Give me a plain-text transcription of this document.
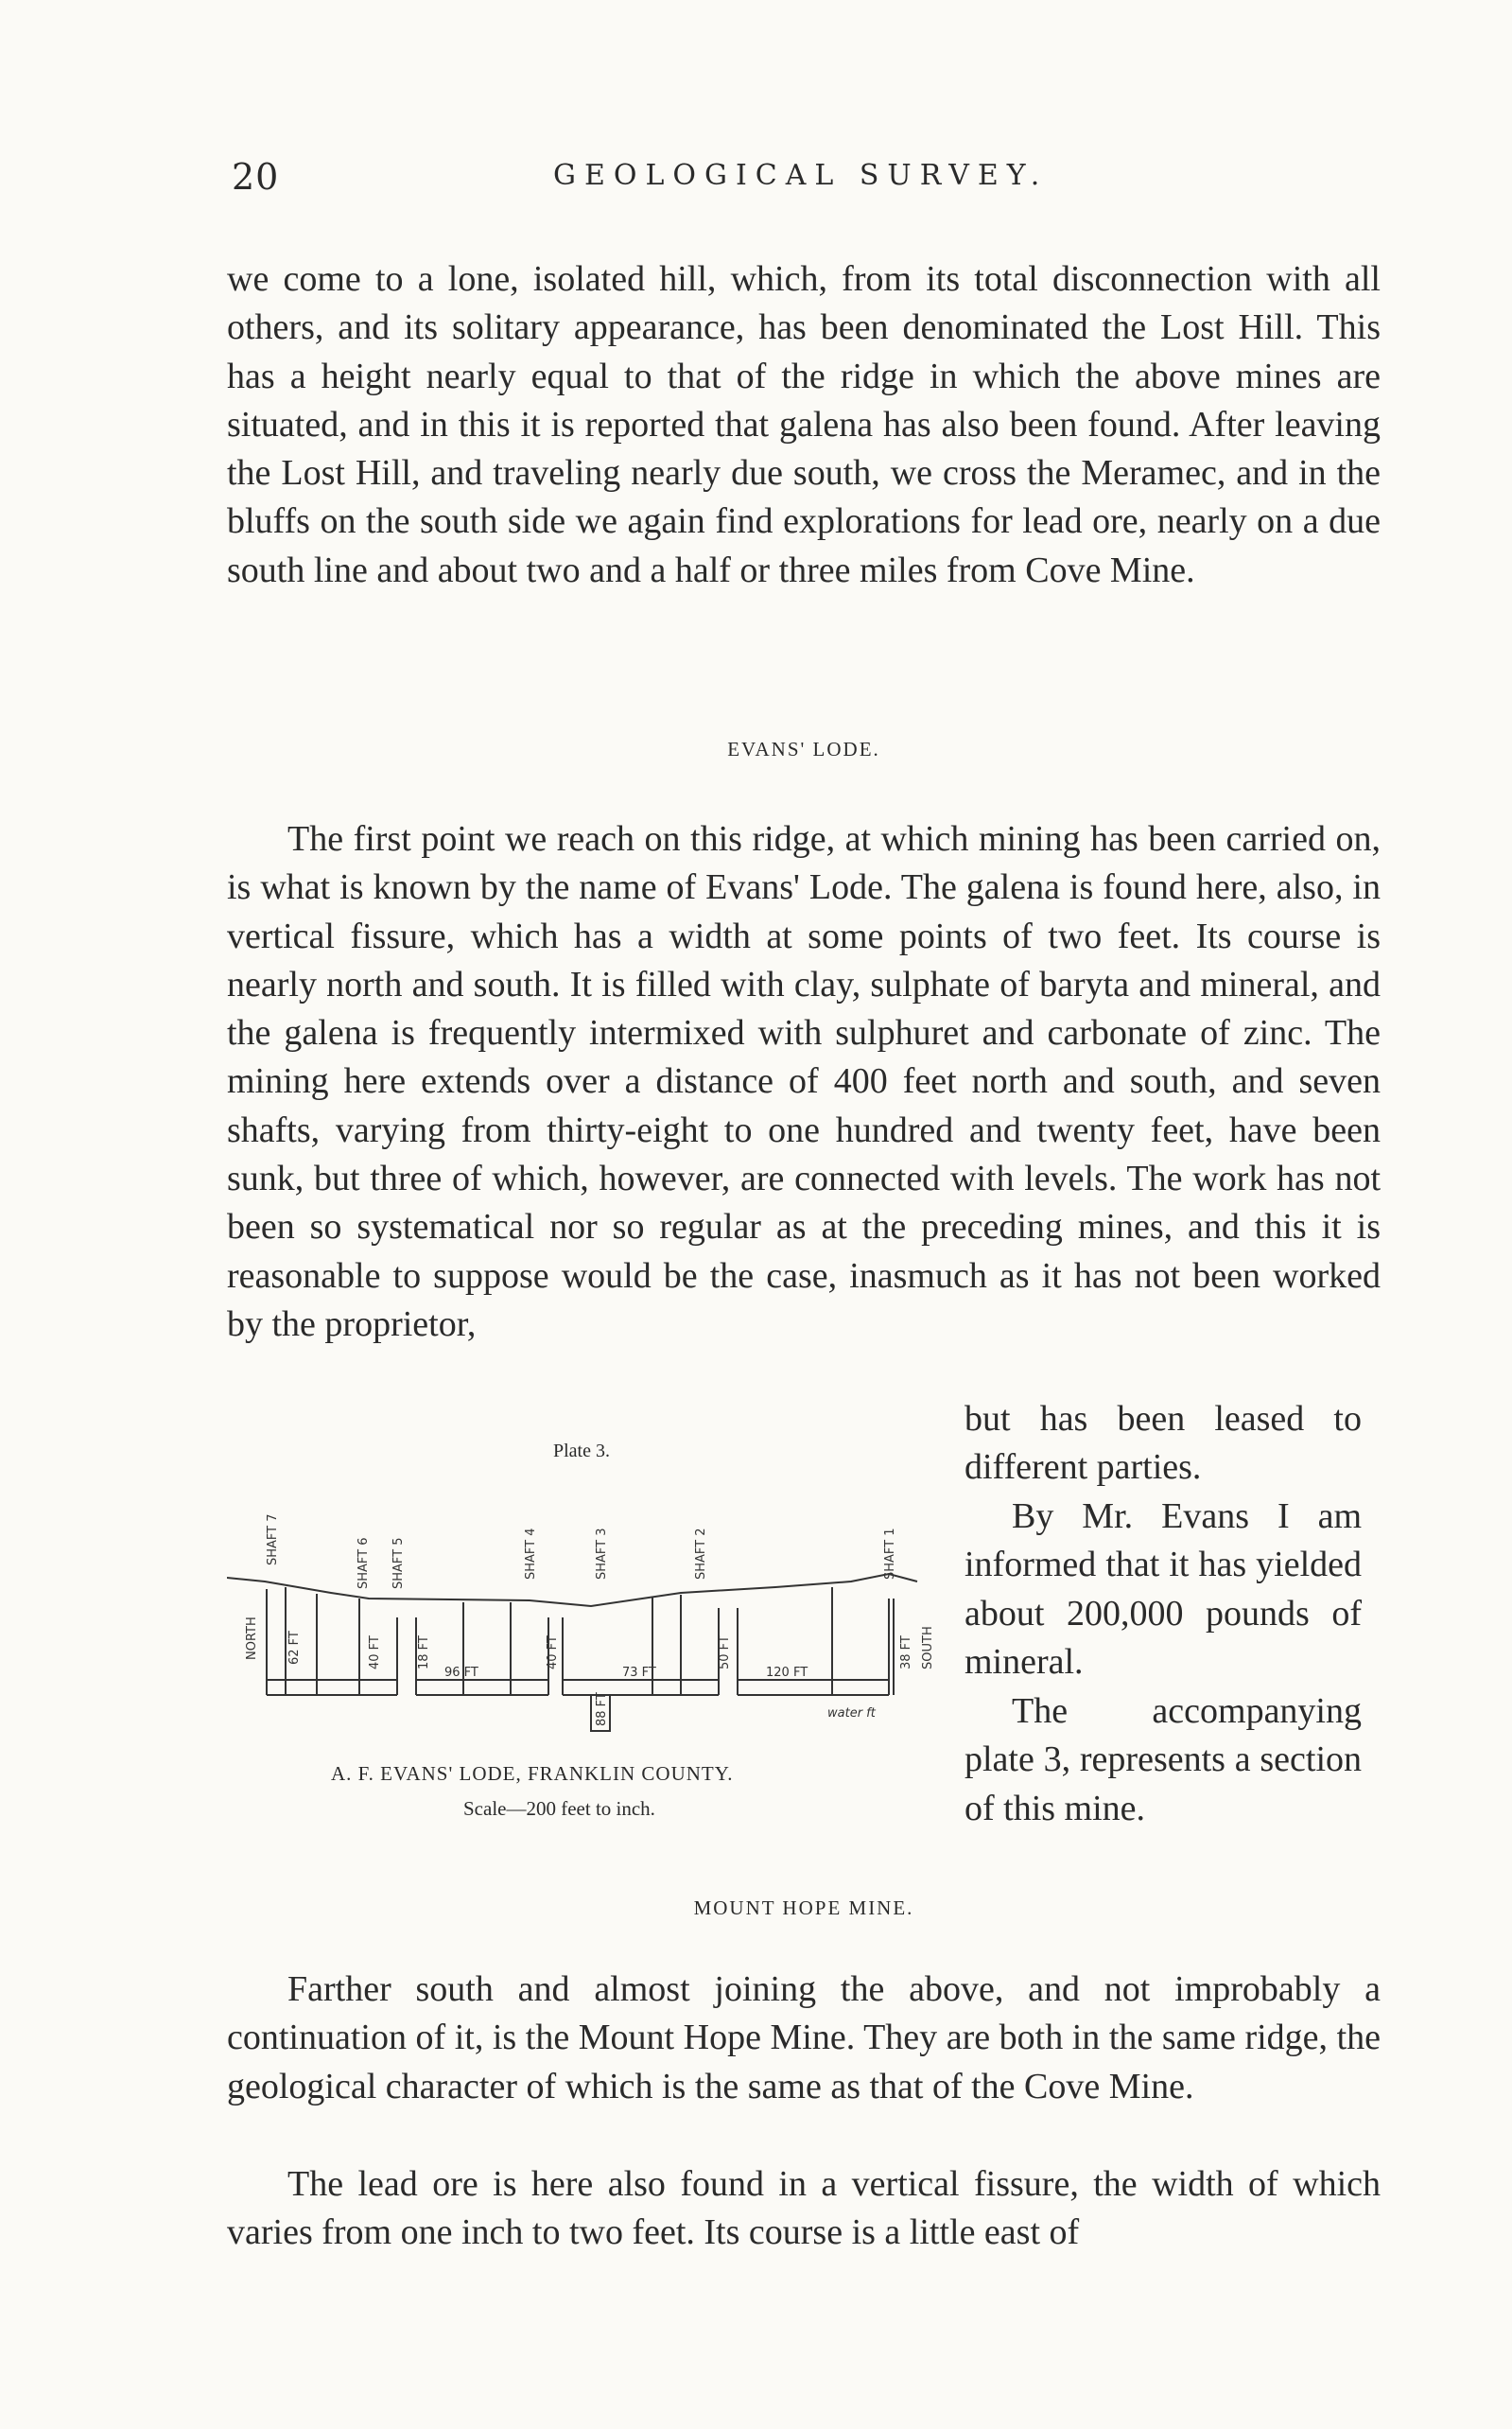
20	GEOLOGICAL SURVEY.

we come to a lone, isolated hill, which, from its total disconnection with all others, and its solitary appearance, has been denominated the Lost Hill. This has a height nearly equal to that of the ridge in which the above mines are situated, and in this it is reported that galena has also been found. After leaving the Lost Hill, and traveling nearly due south, we cross the Meramec, and in the bluffs on the south side we again find explorations for lead ore, nearly on a due south line and about two and a half or three miles from Cove Mine.

EVANS' LODE.

The first point we reach on this ridge, at which mining has been carried on, is what is known by the name of Evans' Lode. The galena is found here, also, in vertical fissure, which has a width at some points of two feet. Its course is nearly north and south. It is filled with clay, sulphate of baryta and mineral, and the galena is frequently intermixed with sulphuret and carbonate of zinc. The mining here extends over a distance of 400 feet north and south, and seven shafts, varying from thirty-eight to one hundred and twenty feet, have been sunk, but three of which, however, are connected with levels. The work has not been so systematical nor so regular as at the preceding mines, and this it is reasonable to suppose would be the case, inasmuch as it has not been worked by the proprietor,

but has been leased to different parties.

By Mr. Evans I am informed that it has yielded about 200,000 pounds of mineral.

The accompanying plate 3, represents a section of this mine.

Plate 3.
NORTH
SHAFT 7	SHAFT 6 SHAFT 5	SHAFT 4	SHAFT 3	SHAFT 2	SHAFT 1
SOUTH
62 FT	40 FT	18 FT
96 FT
40 FT
73 FT
50 FT
120 FT
38 FT
88 FT	water ft
A. F. EVANS' LODE, FRANKLIN COUNTY.
Scale—200 feet to inch.
MOUNT HOPE MINE.

Farther south and almost joining the above, and not improbably a continuation of it, is the Mount Hope Mine. They are both in the same ridge, the geological character of which is the same as that of the Cove Mine.

The lead ore is here also found in a vertical fissure, the width of which varies from one inch to two feet. Its course is a little east of
